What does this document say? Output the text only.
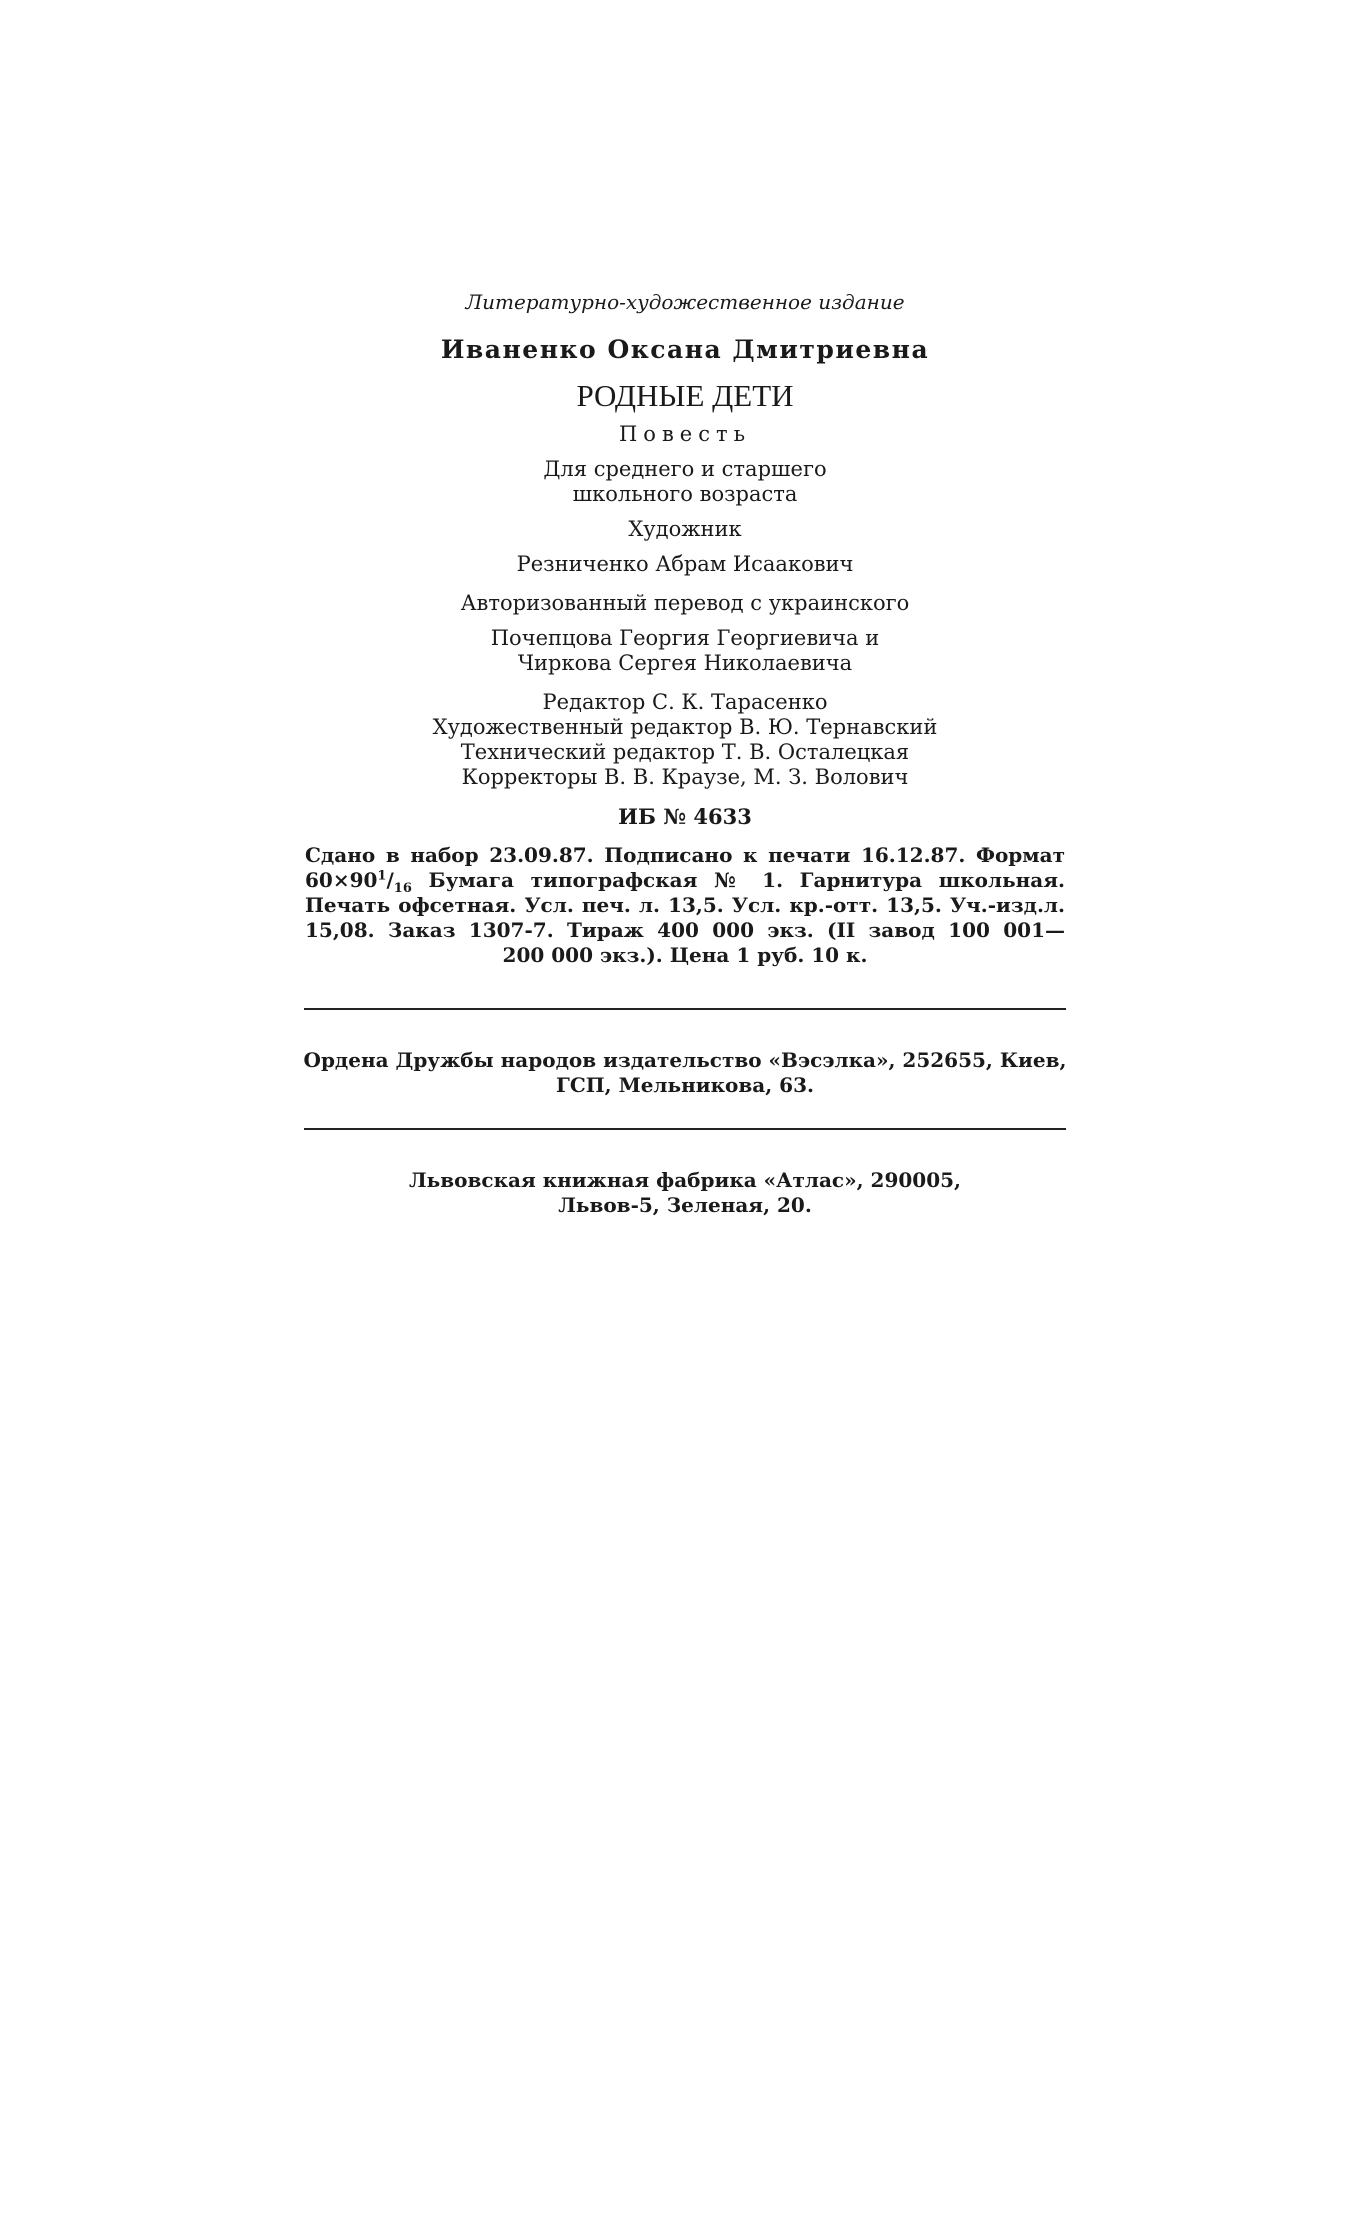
Литературно-художественное издание

Иваненко Оксана Дмитриевна

РОДНЫЕ ДЕТИ

Повесть

Для среднего и старшего

школьного возраста

Художник

Резниченко Абрам Исаакович

Авторизованный перевод с украинского

Почепцова Георгия Георгиевича и

Чиркова Сергея Николаевича

Редактор С. К. Тарасенко

Художественный редактор В. Ю. Тернавский

Технический редактор Т. В. Осталецкая

Корректоры В. В. Краузе, М. З. Волович

ИБ № 4633

Сдано в набор 23.09.87. Подписано к печати 16.12.87. Формат
$60\times 90^1/_{16}$ Бумага типографская № 1. Гарнитура школьная.
Печать офсетная. Усл. печ. л. 13,5. Усл. кр.-отт. 13,5. Уч.-изд.л.
15,08. Заказ 1307-7. Тираж 400 000 экз. (II завод 100 001—
200 000 экз.). Цена 1 руб. 10 к.
Ордена Дружбы народов издательство «Вэсэлка», 252655, Киев,
ГСП, Мельникова, 63.
Львовская книжная фабрика «Атлас», 290005,
Львов-5, Зеленая, 20.
